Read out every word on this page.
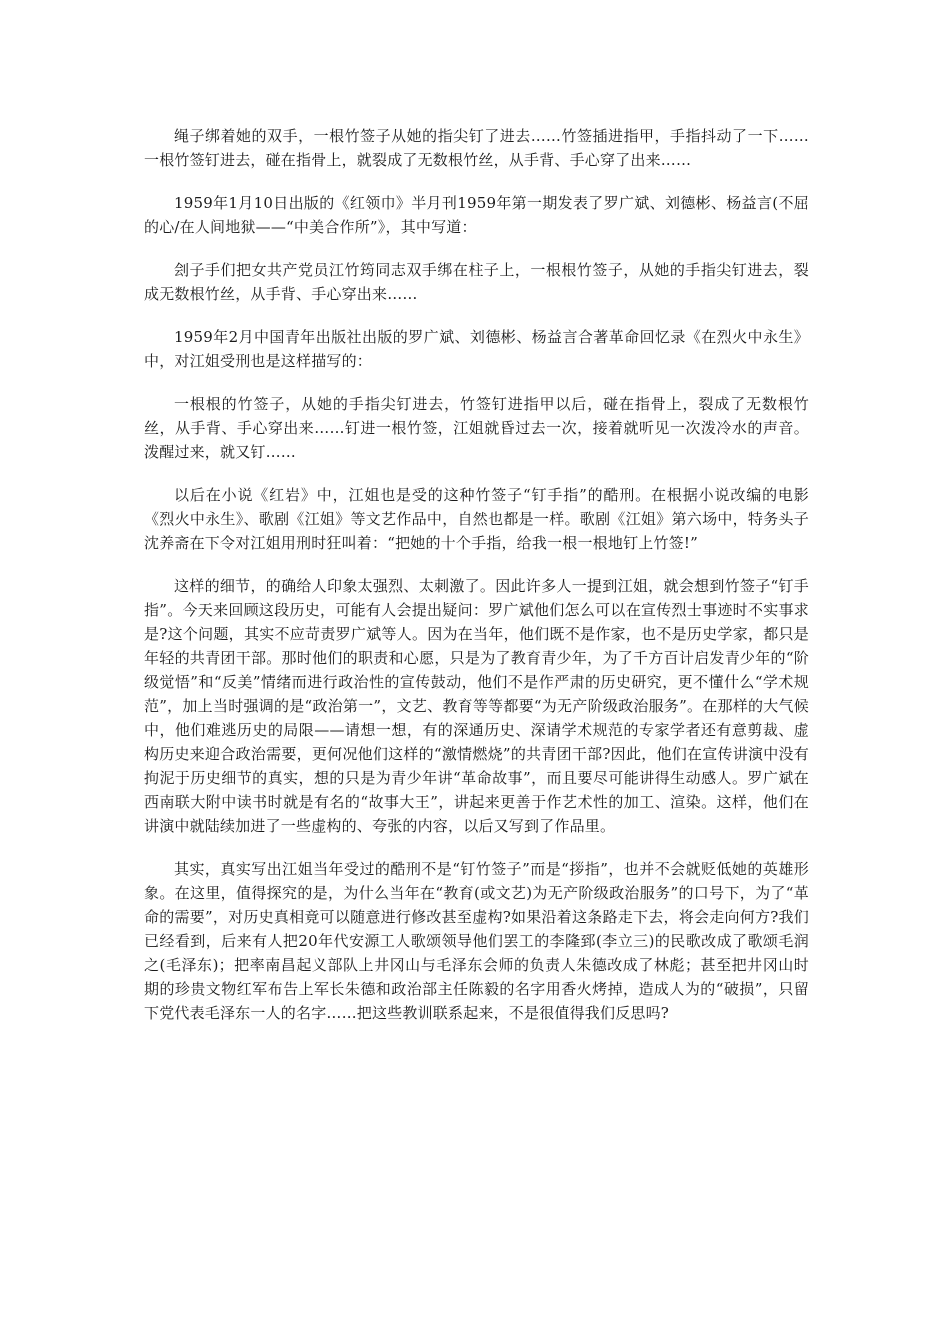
绳子绑着她的双手，一根竹签子从她的指尖钉了进去……竹签插进指甲，手指抖动了一下……一根竹签钉进去，碰在指骨上，就裂成了无数根竹丝，从手背、手心穿了出来……

1959年1月10日出版的《红领巾》半月刊1959年第一期发表了罗广斌、刘德彬、杨益言(不屈的心/在人间地狱——“中美合作所”》，其中写道：

刽子手们把女共产党员江竹筠同志双手绑在柱子上，一根根竹签子，从她的手指尖钉进去，裂成无数根竹丝，从手背、手心穿出来……

1959年2月中国青年出版社出版的罗广斌、刘德彬、杨益言合著革命回忆录《在烈火中永生》中，对江姐受刑也是这样描写的：

一根根的竹签子，从她的手指尖钉进去，竹签钉进指甲以后，碰在指骨上，裂成了无数根竹丝，从手背、手心穿出来……钉进一根竹签，江姐就昏过去一次，接着就听见一次泼冷水的声音。泼醒过来，就又钉……

以后在小说《红岩》中，江姐也是受的这种竹签子“钉手指”的酷刑。在根据小说改编的电影《烈火中永生》、歌剧《江姐》等文艺作品中，自然也都是一样。歌剧《江姐》第六场中，特务头子沈养斋在下令对江姐用刑时狂叫着：“把她的十个手指，给我一根一根地钉上竹签!”

这样的细节，的确给人印象太强烈、太刺激了。因此许多人一提到江姐，就会想到竹签子“钉手指”。今天来回顾这段历史，可能有人会提出疑问：罗广斌他们怎么可以在宣传烈士事迹时不实事求是?这个问题，其实不应苛责罗广斌等人。因为在当年，他们既不是作家，也不是历史学家，都只是年轻的共青团干部。那时他们的职责和心愿，只是为了教育青少年，为了千方百计启发青少年的“阶级觉悟”和“反美”情绪而进行政治性的宣传鼓动，他们不是作严肃的历史研究，更不懂什么“学术规范”，加上当时强调的是“政治第一”，文艺、教育等等都要“为无产阶级政治服务”。在那样的大气候中，他们难逃历史的局限——请想一想，有的深通历史、深请学术规范的专家学者还有意剪裁、虚构历史来迎合政治需要，更何况他们这样的“激情燃烧”的共青团干部?因此，他们在宣传讲演中没有拘泥于历史细节的真实，想的只是为青少年讲“革命故事”，而且要尽可能讲得生动感人。罗广斌在西南联大附中读书时就是有名的“故事大王”，讲起来更善于作艺术性的加工、渲染。这样，他们在讲演中就陆续加进了一些虚构的、夸张的内容，以后又写到了作品里。

其实，真实写出江姐当年受过的酷刑不是“钉竹签子”而是“拶指”，也并不会就贬低她的英雄形象。在这里，值得探究的是，为什么当年在“教育(或文艺)为无产阶级政治服务”的口号下，为了“革命的需要”，对历史真相竟可以随意进行修改甚至虚构?如果沿着这条路走下去，将会走向何方?我们已经看到，后来有人把20年代安源工人歌颂领导他们罢工的李隆郅(李立三)的民歌改成了歌颂毛润之(毛泽东)；把率南昌起义部队上井冈山与毛泽东会师的负责人朱德改成了林彪；甚至把井冈山时期的珍贵文物红军布告上军长朱德和政治部主任陈毅的名字用香火烤掉，造成人为的“破损”，只留下党代表毛泽东一人的名字……把这些教训联系起来，不是很值得我们反思吗?
